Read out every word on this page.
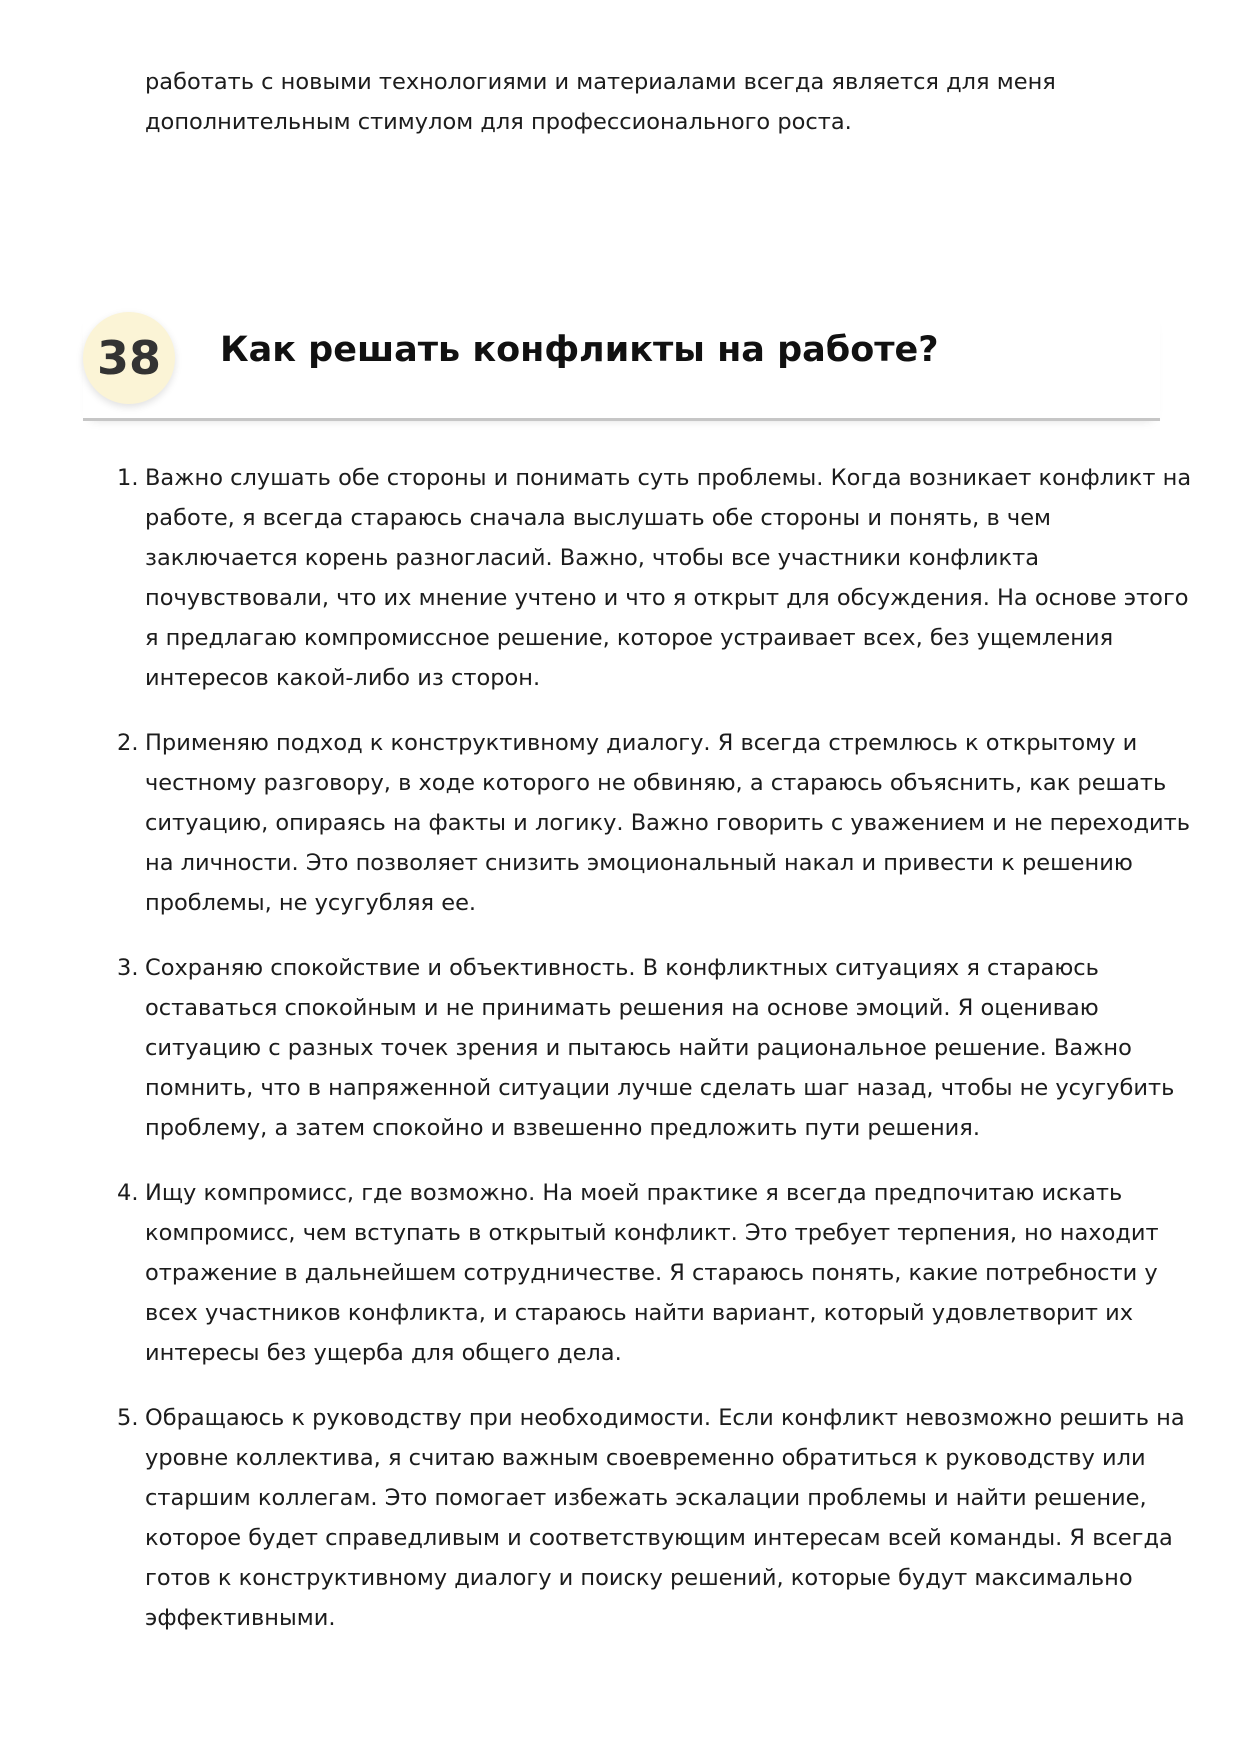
работать с новыми технологиями и материалами всегда является для меня
дополнительным стимулом для профессионального роста.

38	Как решать конфликты на работе?
1. Важно слушать обе стороны и понимать суть проблемы. Когда возникает конфликт на
работе, я всегда стараюсь сначала выслушать обе стороны и понять, в чем
заключается корень разногласий. Важно, чтобы все участники конфликта
почувствовали, что их мнение учтено и что я открыт для обсуждения. На основе этого
я предлагаю компромиссное решение, которое устраивает всех, без ущемления
интересов какой-либо из сторон.
2. Применяю подход к конструктивному диалогу. Я всегда стремлюсь к открытому и
честному разговору, в ходе которого не обвиняю, а стараюсь объяснить, как решать
ситуацию, опираясь на факты и логику. Важно говорить с уважением и не переходить
на личности. Это позволяет снизить эмоциональный накал и привести к решению
проблемы, не усугубляя ее.
3. Сохраняю спокойствие и объективность. В конфликтных ситуациях я стараюсь
оставаться спокойным и не принимать решения на основе эмоций. Я оцениваю
ситуацию с разных точек зрения и пытаюсь найти рациональное решение. Важно
помнить, что в напряженной ситуации лучше сделать шаг назад, чтобы не усугубить
проблему, а затем спокойно и взвешенно предложить пути решения.
4. Ищу компромисс, где возможно. На моей практике я всегда предпочитаю искать
компромисс, чем вступать в открытый конфликт. Это требует терпения, но находит
отражение в дальнейшем сотрудничестве. Я стараюсь понять, какие потребности у
всех участников конфликта, и стараюсь найти вариант, который удовлетворит их
интересы без ущерба для общего дела.
5. Обращаюсь к руководству при необходимости. Если конфликт невозможно решить на
уровне коллектива, я считаю важным своевременно обратиться к руководству или
старшим коллегам. Это помогает избежать эскалации проблемы и найти решение,
которое будет справедливым и соответствующим интересам всей команды. Я всегда
готов к конструктивному диалогу и поиску решений, которые будут максимально
эффективными.
